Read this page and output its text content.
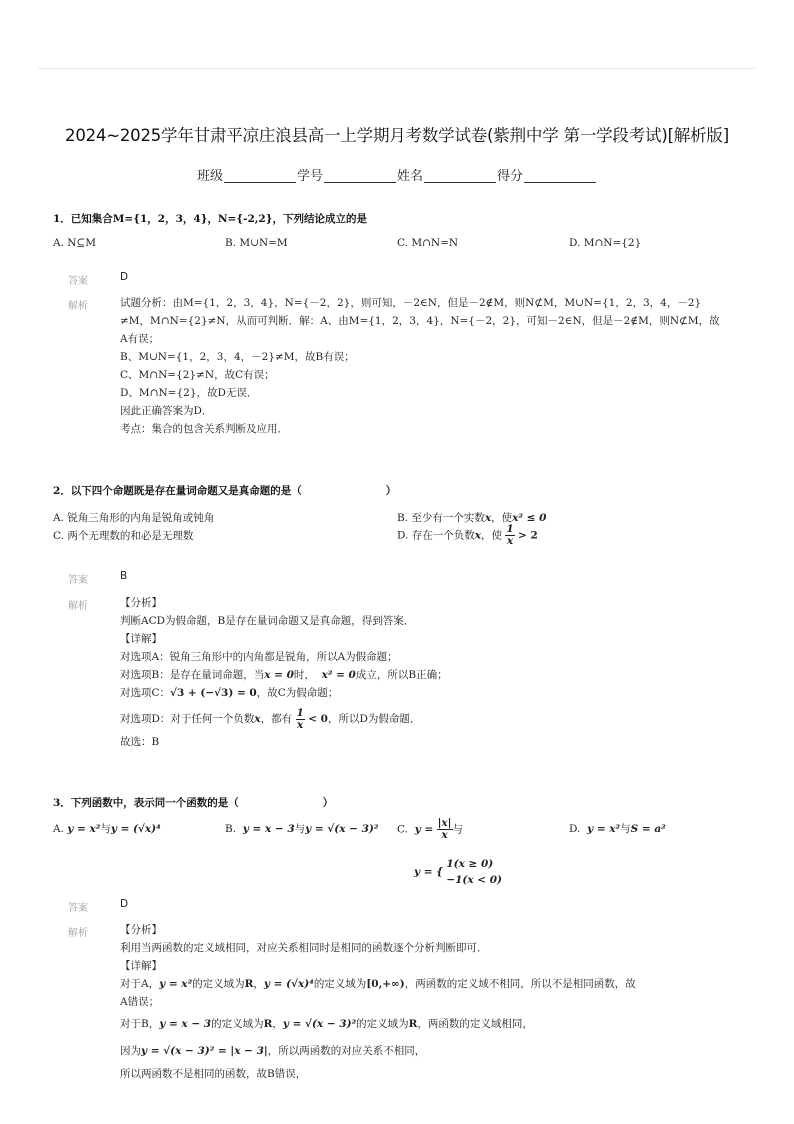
2024~2025学年甘肃平凉庄浪县高一上学期月考数学试卷(紫荆中学 第一学段考试)[解析版]
班级	学号	姓名	得分
1．已知集合M={1，2，3，4}，N={-2,2}，下列结论成立的是
A. N⊆M	B. M∪N=M	C. M∩N=N	D. M∩N={2}
答案	D
解析	试题分析：由M={1，2，3，4}，N={－2，2}，则可知，－2∈N，但是－2∉M，则N⊄M，M∪N={1，2，3，4，－2}
≠M，M∩N={2}≠N，从而可判断．解：A、由M={1，2，3，4}，N={－2，2}，可知－2∈N，但是－2∉M，则N⊄M，故
A有误；
B、M∪N={1，2，3，4，－2}≠M，故B有误；
C、M∩N={2}≠N，故C有误；
D、M∩N={2}，故D无误．
因此正确答案为D．
考点：集合的包含关系判断及应用．
2．以下四个命题既是存在量词命题又是真命题的是（　　　　　　　　）
A. 锐角三角形的内角是锐角或钝角	B. 至少有一个实数x，使x² ≤ 0
C. 两个无理数的和必是无理数	D. 存在一个负数x，使 $\frac{1}{x} > 2$
答案	B
解析	【分析】
判断ACD为假命题，B是存在量词命题又是真命题，得到答案．
【详解】
对选项A：锐角三角形中的内角都是锐角，所以A为假命题；
对选项B：是存在量词命题，当x = 0时， x² = 0成立，所以B正确；
对选项C：√3 + (−√3) = 0，故C为假命题；
对选项D：对于任何一个负数x，都有 $\frac{1}{x} < 0$，所以D为假命题．
故选：B
3．下列函数中，表示同一个函数的是（　　　　　　　　）
A. y = x²与y = (√x)⁴	B. y = x − 3与y = √(x − 3)² C. $y = \frac{|x|}{x}$ 与
y = {
1(x ≥ 0)
−1(x < 0)
D. y = x²与S = a²
答案	D
解析	【分析】
利用当两函数的定义域相同，对应关系相同时是相同的函数逐个分析判断即可．
【详解】
对于A，y = x²的定义域为R，y = (√x)⁴的定义域为[0,+∞)，两函数的定义域不相同，所以不是相同函数，故
A错误；
对于B，y = x − 3的定义域为R，y = √(x − 3)²的定义域为R，两函数的定义域相同，
因为y = √(x − 3)² = |x − 3|，所以两函数的对应关系不相同，
所以两函数不是相同的函数，故B错误，
